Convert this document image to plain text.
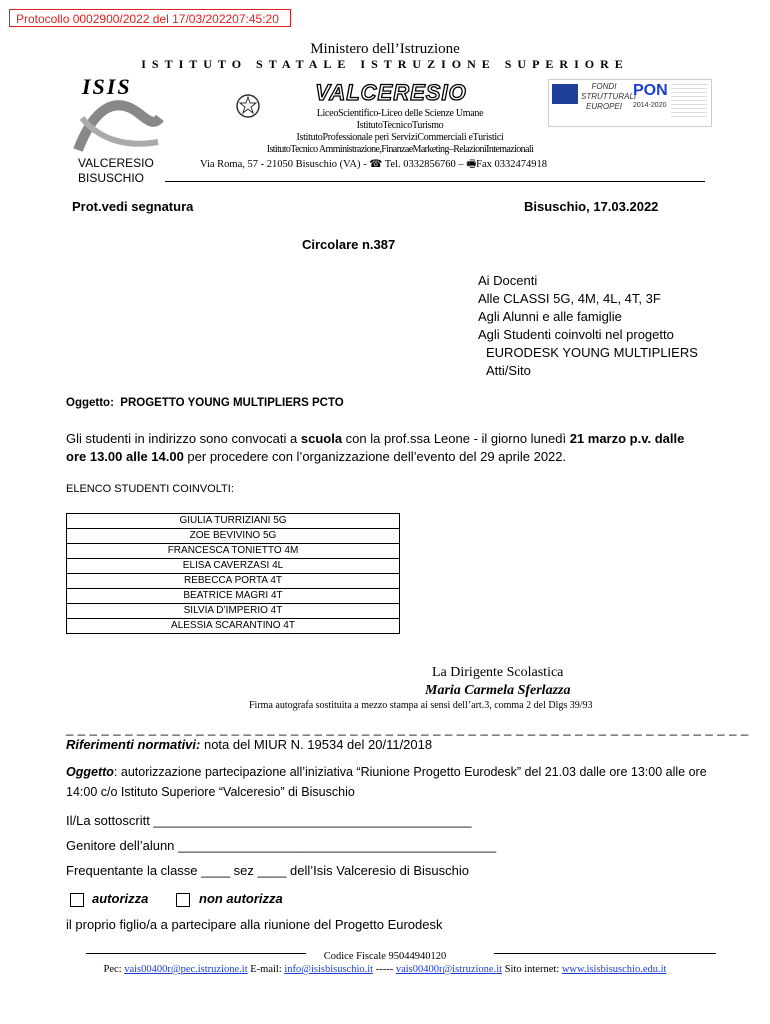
Protocollo 0002900/2022 del 17/03/202207:45:20
Ministero dell’Istruzione
ISTITUTO STATALE ISTRUZIONE SUPERIORE
ISIS
VALCERESIO
BISUSCHIO
VALCERESIO
LiceoScientifico-Liceo delle Scienze Umane
IstitutoTecnicoTurismo
IstitutoProfessionale peri ServiziCommerciali eTuristici
IstitutoTecnico Amministrazione,FinanzaeMarketing–RelazioniInternazionali
Via Roma, 57 - 21050 Bisuschio (VA) - ☎ Tel. 0332856760 – 🖷Fax 0332474918
FONDI STRUTTURALI EUROPEI
PON
2014-2020
Prot.vedi segnatura	Bisuschio, 17.03.2022
Circolare n.387
Ai Docenti
Alle CLASSI 5G, 4M, 4L, 4T, 3F
Agli Alunni e alle famiglie
Agli Studenti coinvolti nel progetto
EURODESK YOUNG MULTIPLIERS
Atti/Sito
Oggetto: PROGETTO YOUNG MULTIPLIERS PCTO
Gli studenti in indirizzo sono convocati a scuola con la prof.ssa Leone - il giorno lunedì 21 marzo p.v. dalle
ore 13.00 alle 14.00 per procedere con l’organizzazione dell’evento del 29 aprile 2022.
ELENCO STUDENTI COINVOLTI:
GIULIA TURRIZIANI 5G
ZOE BEVIVINO 5G
FRANCESCA TONIETTO 4M
ELISA CAVERZASI 4L
REBECCA PORTA 4T
BEATRICE MAGRI 4T
SILVIA D’IMPERIO 4T
ALESSIA SCARANTINO 4T
La Dirigente Scolastica
Maria Carmela Sferlazza
Firma autografa sostituita a mezzo stampa ai sensi dell’art.3, comma 2 del Dlgs 39/93
_ _ _ _ _ _ _ _ _ _ _ _ _ _ _ _ _ _ _ _ _ _ _ _ _ _ _ _ _ _ _ _ _ _ _ _ _ _ _ _ _ _ _ _ _ _ _ _ _ _ _ _ _ _ _ _ _ _
Riferimenti normativi: nota del MIUR N. 19534 del 20/11/2018
Oggetto: autorizzazione partecipazione all’iniziativa “Riunione Progetto Eurodesk” del 21.03 dalle ore 13:00 alle ore 14:00 c/o Istituto Superiore “Valceresio” di Bisuschio
Il/La sottoscritt ____________________________________________
Genitore dell’alunn ____________________________________________
Frequentante la classe ____ sez ____ dell’Isis Valceresio di Bisuschio
autorizza	non autorizza
il proprio figlio/a a partecipare alla riunione del Progetto Eurodesk
Codice Fiscale 95044940120
Pec: vais00400r@pec.istruzione.it E-mail: info@isisbisuschio.it ----- vais00400r@istruzione.it Sito internet: www.isisbisuschio.edu.it
